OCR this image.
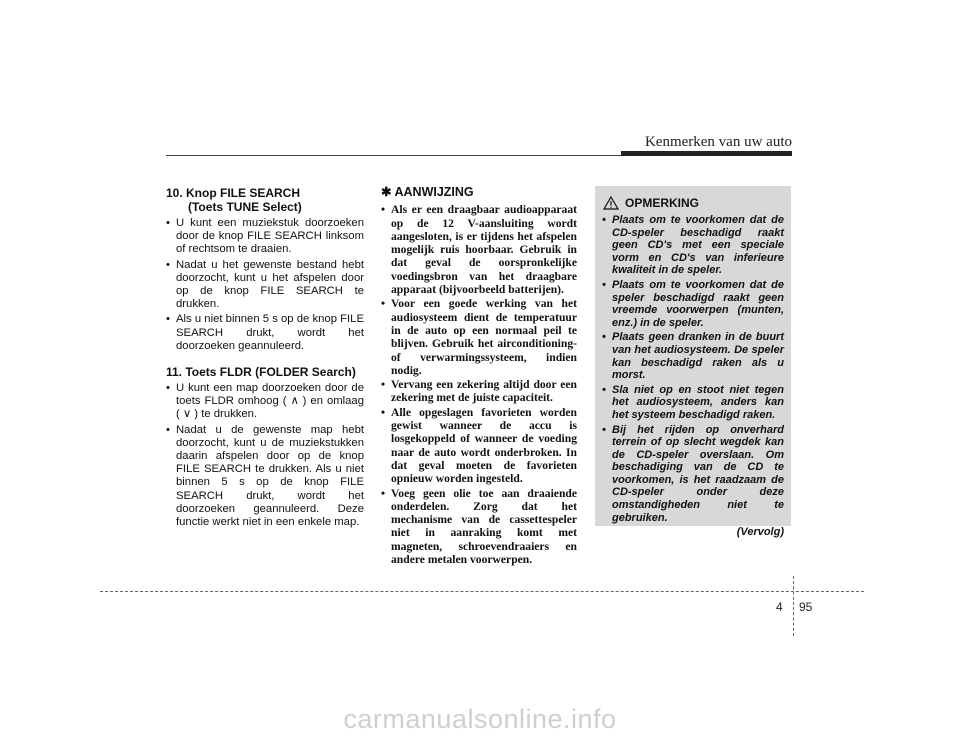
Kenmerken van uw auto
10. Knop FILE SEARCH
(Toets TUNE Select)
• U kunt een muziekstuk doorzoeken door de knop FILE SEARCH linksom of rechtsom te draaien.
• Nadat u het gewenste bestand hebt doorzocht, kunt u het afspelen door op de knop FILE SEARCH te drukken.
• Als u niet binnen 5 s op de knop FILE SEARCH drukt, wordt het doorzoeken geannuleerd.
11. Toets FLDR (FOLDER Search)
• U kunt een map doorzoeken door de toets FLDR omhoog ( ∧ ) en omlaag ( ∨ ) te drukken.
• Nadat u de gewenste map hebt doorzocht, kunt u de muziekstukken daarin afspelen door op de knop FILE SEARCH te drukken. Als u niet binnen 5 s op de knop FILE SEARCH drukt, wordt het doorzoeken geannuleerd. Deze functie werkt niet in een enkele map.
✱ AANWIJZING
• Als er een draagbaar audioapparaat op de 12 V-aansluiting wordt aangesloten, is er tijdens het afspelen mogelijk ruis hoorbaar. Gebruik in dat geval de oorspronkelijke voedingsbron van het draagbare apparaat (bijvoorbeeld batterijen).
• Voor een goede werking van het audiosysteem dient de temperatuur in de auto op een normaal peil te blijven. Gebruik het airconditioning- of verwarmingssysteem, indien nodig.
• Vervang een zekering altijd door een zekering met de juiste capaciteit.
• Alle opgeslagen favorieten worden gewist wanneer de accu is losgekoppeld of wanneer de voeding naar de auto wordt onderbroken. In dat geval moeten de favorieten opnieuw worden ingesteld.
• Voeg geen olie toe aan draaiende onderdelen. Zorg dat het mechanisme van de cassettespeler niet in aanraking komt met magneten, schroevendraaiers en andere metalen voorwerpen.
OPMERKING
• Plaats om te voorkomen dat de CD-speler beschadigd raakt geen CD's met een speciale vorm en CD's van inferieure kwaliteit in de speler.
• Plaats om te voorkomen dat de speler beschadigd raakt geen vreemde voorwerpen (munten, enz.) in de speler.
• Plaats geen dranken in de buurt van het audiosysteem. De speler kan beschadigd raken als u morst.
• Sla niet op en stoot niet tegen het audiosysteem, anders kan het systeem beschadigd raken.
• Bij het rijden op onverhard terrein of op slecht wegdek kan de CD-speler overslaan. Om beschadiging van de CD te voorkomen, is het raadzaam de CD-speler onder deze omstandigheden niet te gebruiken.
(Vervolg)
4 95
carmanualsonline.info
